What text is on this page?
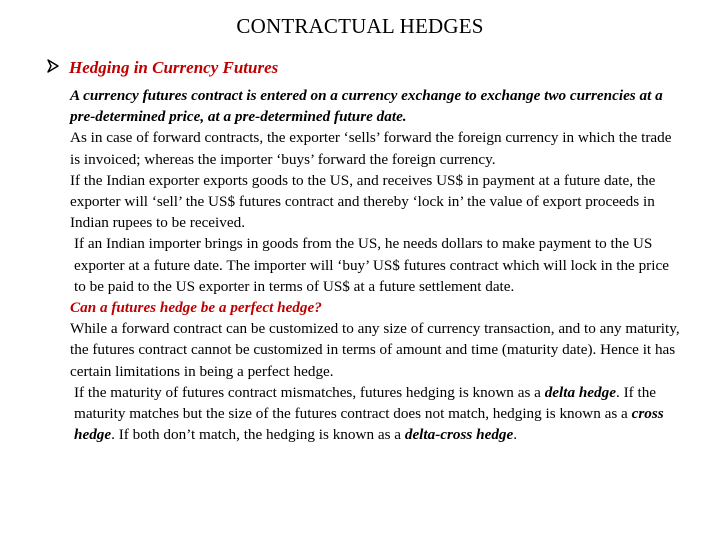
CONTRACTUAL HEDGES
Hedging in Currency Futures

A currency futures contract is entered on a currency exchange to exchange two currencies at a pre-determined price, at a pre-determined future date.

As in case of forward contracts, the exporter ‘sells’ forward the foreign currency in which the trade is invoiced; whereas the importer ‘buys’ forward the foreign currency.

If the Indian exporter exports goods to the US, and receives US$ in payment at a future date, the exporter will ‘sell’ the US$ futures contract and thereby ‘lock in’ the value of export proceeds in Indian rupees to be received.

If an Indian importer brings in goods from the US, he needs dollars to make payment to the US exporter at a future date. The importer will ‘buy’ US$ futures contract which will lock in the price to be paid to the US exporter in terms of US$ at a future settlement date.

Can a futures hedge be a perfect hedge?

While a forward contract can be customized to any size of currency transaction, and to any maturity, the futures contract cannot be customized in terms of amount and time (maturity date). Hence it has certain limitations in being a perfect hedge.

If the maturity of futures contract mismatches, futures hedging is known as a delta hedge. If the maturity matches but the size of the futures contract does not match, hedging is known as a cross hedge. If both don’t match, the hedging is known as a delta-cross hedge.
